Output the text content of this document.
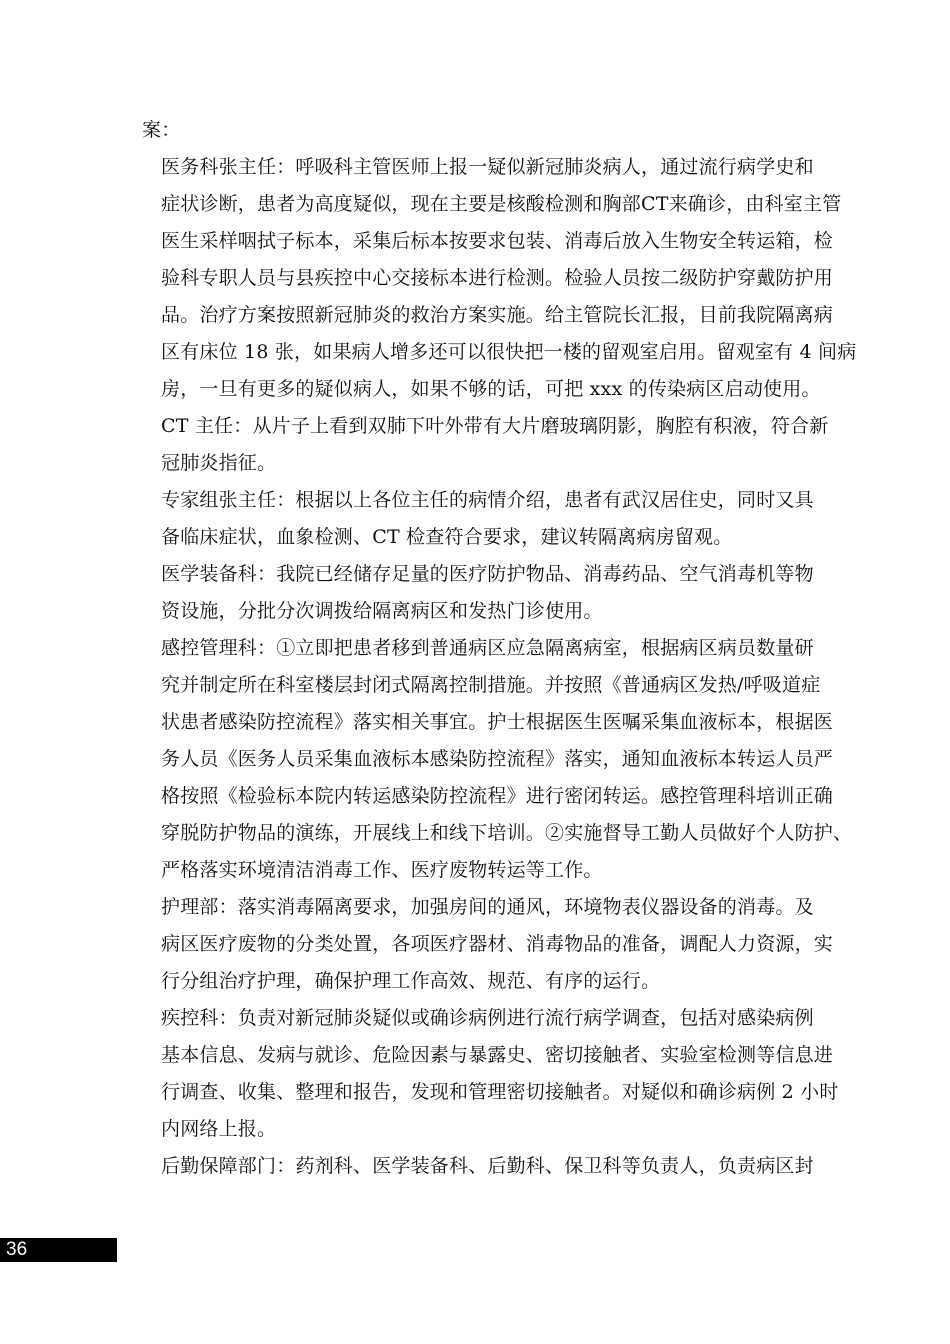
案：

医务科张主任：呼吸科主管医师上报一疑似新冠肺炎病人，通过流行病学史和
症状诊断，患者为高度疑似，现在主要是核酸检测和胸部CT来确诊，由科室主管
医生采样咽拭子标本，采集后标本按要求包装、消毒后放入生物安全转运箱，检
验科专职人员与县疾控中心交接标本进行检测。检验人员按二级防护穿戴防护用
品。治疗方案按照新冠肺炎的救治方案实施。给主管院长汇报，目前我院隔离病
区有床位 18 张，如果病人增多还可以很快把一楼的留观室启用。留观室有 4 间病
房，一旦有更多的疑似病人，如果不够的话，可把 xxx 的传染病区启动使用。

CT 主任：从片子上看到双肺下叶外带有大片磨玻璃阴影，胸腔有积液，符合新
冠肺炎指征。

专家组张主任：根据以上各位主任的病情介绍，患者有武汉居住史，同时又具
备临床症状，血象检测、CT 检查符合要求，建议转隔离病房留观。

医学装备科：我院已经储存足量的医疗防护物品、消毒药品、空气消毒机等物
资设施，分批分次调拨给隔离病区和发热门诊使用。

感控管理科：①立即把患者移到普通病区应急隔离病室，根据病区病员数量研
究并制定所在科室楼层封闭式隔离控制措施。并按照《普通病区发热/呼吸道症
状患者感染防控流程》落实相关事宜。护士根据医生医嘱采集血液标本，根据医
务人员《医务人员采集血液标本感染防控流程》落实，通知血液标本转运人员严
格按照《检验标本院内转运感染防控流程》进行密闭转运。感控管理科培训正确
穿脱防护物品的演练，开展线上和线下培训。②实施督导工勤人员做好个人防护、
严格落实环境清洁消毒工作、医疗废物转运等工作。

护理部：落实消毒隔离要求，加强房间的通风，环境物表仪器设备的消毒。及
病区医疗废物的分类处置，各项医疗器材、消毒物品的准备，调配人力资源，实
行分组治疗护理，确保护理工作高效、规范、有序的运行。

疾控科：负责对新冠肺炎疑似或确诊病例进行流行病学调查，包括对感染病例
基本信息、发病与就诊、危险因素与暴露史、密切接触者、实验室检测等信息进
行调查、收集、整理和报告，发现和管理密切接触者。对疑似和确诊病例 2 小时
内网络上报。

后勤保障部门：药剂科、医学装备科、后勤科、保卫科等负责人，负责病区封

36
